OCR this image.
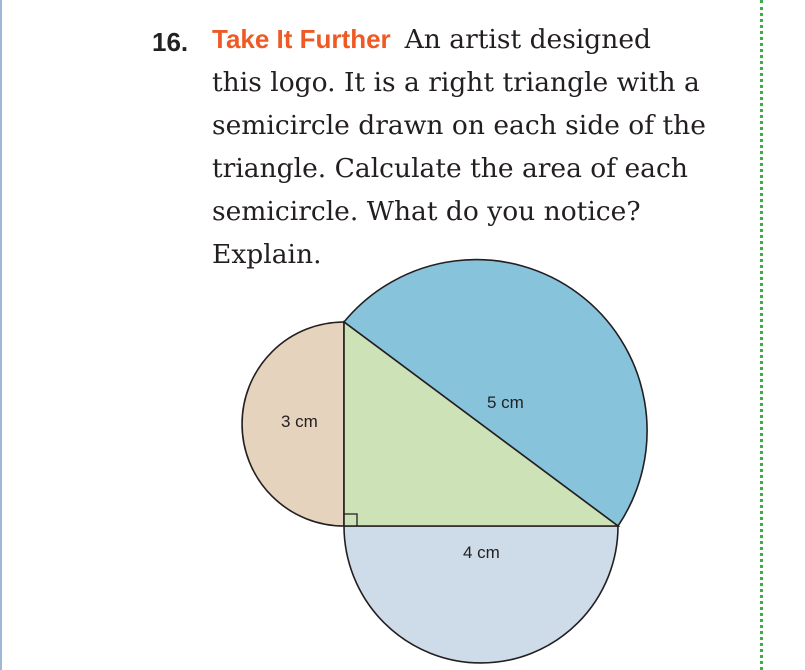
16. Take It Further An artist designed
this logo. It is a right triangle with a
semicircle drawn on each side of the
triangle. Calculate the area of each
semicircle. What do you notice?
Explain.
3 cm
5 cm
4 cm
